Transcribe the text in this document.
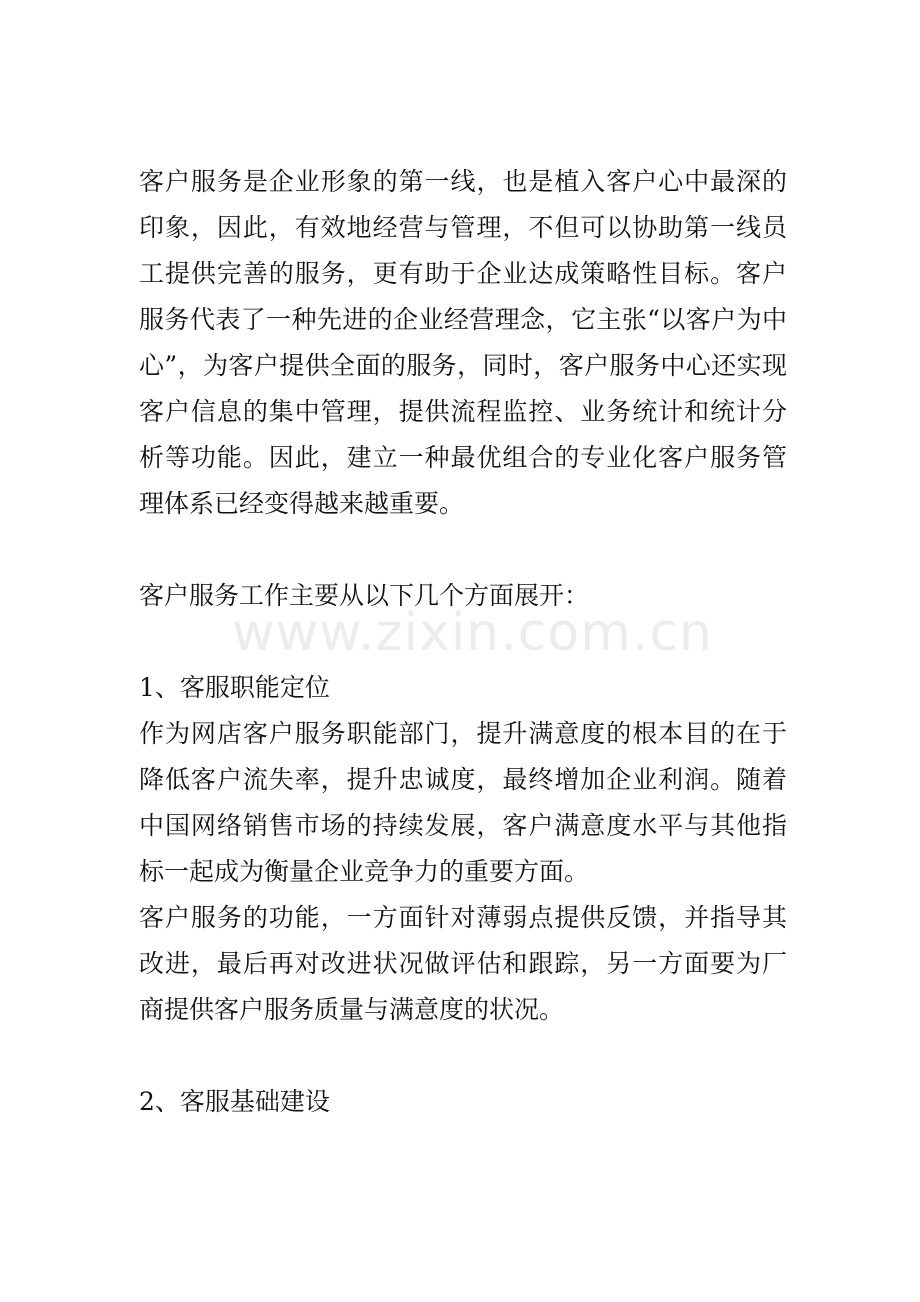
客户服务是企业形象的第一线，也是植入客户心中最深的印象，因此，有效地经营与管理，不但可以协助第一线员工提供完善的服务，更有助于企业达成策略性目标。客户服务代表了一种先进的企业经营理念，它主张“以客户为中心”，为客户提供全面的服务，同时，客户服务中心还实现客户信息的集中管理，提供流程监控、业务统计和统计分析等功能。因此，建立一种最优组合的专业化客户服务管理体系已经变得越来越重要。

客户服务工作主要从以下几个方面展开：

1、客服职能定位

作为网店客户服务职能部门，提升满意度的根本目的在于降低客户流失率，提升忠诚度，最终增加企业利润。随着中国网络销售市场的持续发展，客户满意度水平与其他指标一起成为衡量企业竞争力的重要方面。

客户服务的功能，一方面针对薄弱点提供反馈，并指导其改进，最后再对改进状况做评估和跟踪，另一方面要为厂商提供客户服务质量与满意度的状况。

2、客服基础建设

www.zixin.com.cn
